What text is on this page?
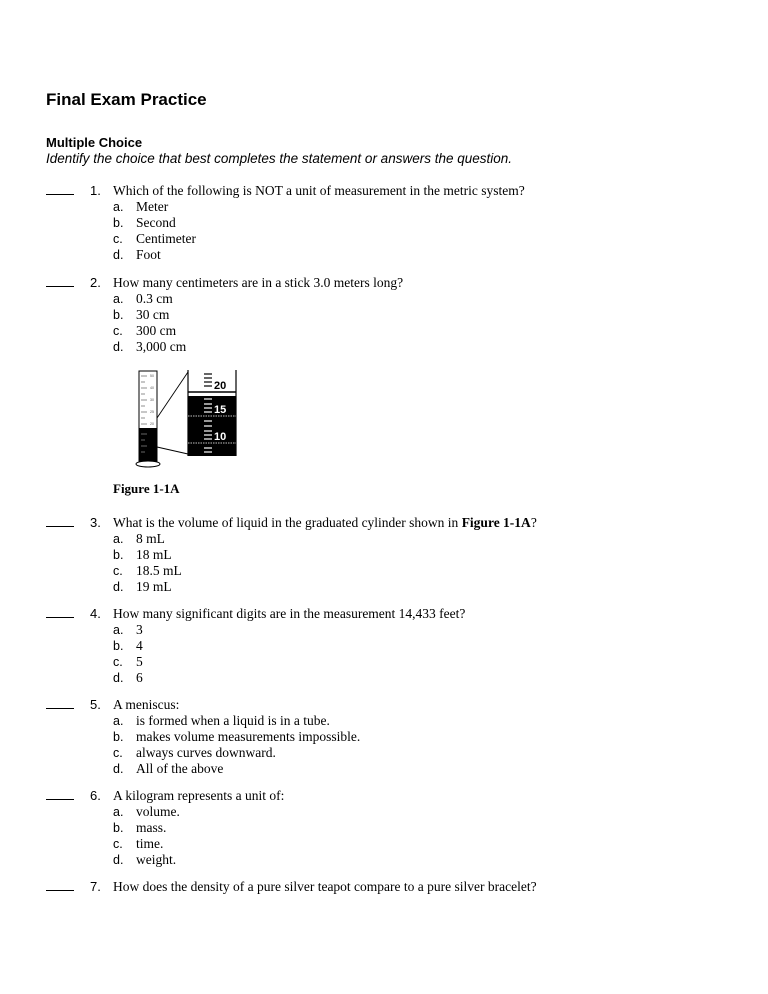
Final Exam Practice
Multiple Choice
Identify the choice that best completes the statement or answers the question.
1. Which of the following is NOT a unit of measurement in the metric system?
a. Meter
b. Second
c. Centimeter
d. Foot
2. How many centimeters are in a stick 3.0 meters long?
a. 0.3 cm
b. 30 cm
c. 300 cm
d. 3,000 cm
50
40
30
25
20
20
15
10
Figure 1-1A
3. What is the volume of liquid in the graduated cylinder shown in Figure 1-1A?
a. 8 mL
b. 18 mL
c. 18.5 mL
d. 19 mL
4. How many significant digits are in the measurement 14,433 feet?
a. 3
b. 4
c. 5
d. 6
5. A meniscus:
a. is formed when a liquid is in a tube.
b. makes volume measurements impossible.
c. always curves downward.
d. All of the above
6. A kilogram represents a unit of:
a. volume.
b. mass.
c. time.
d. weight.
7. How does the density of a pure silver teapot compare to a pure silver bracelet?
